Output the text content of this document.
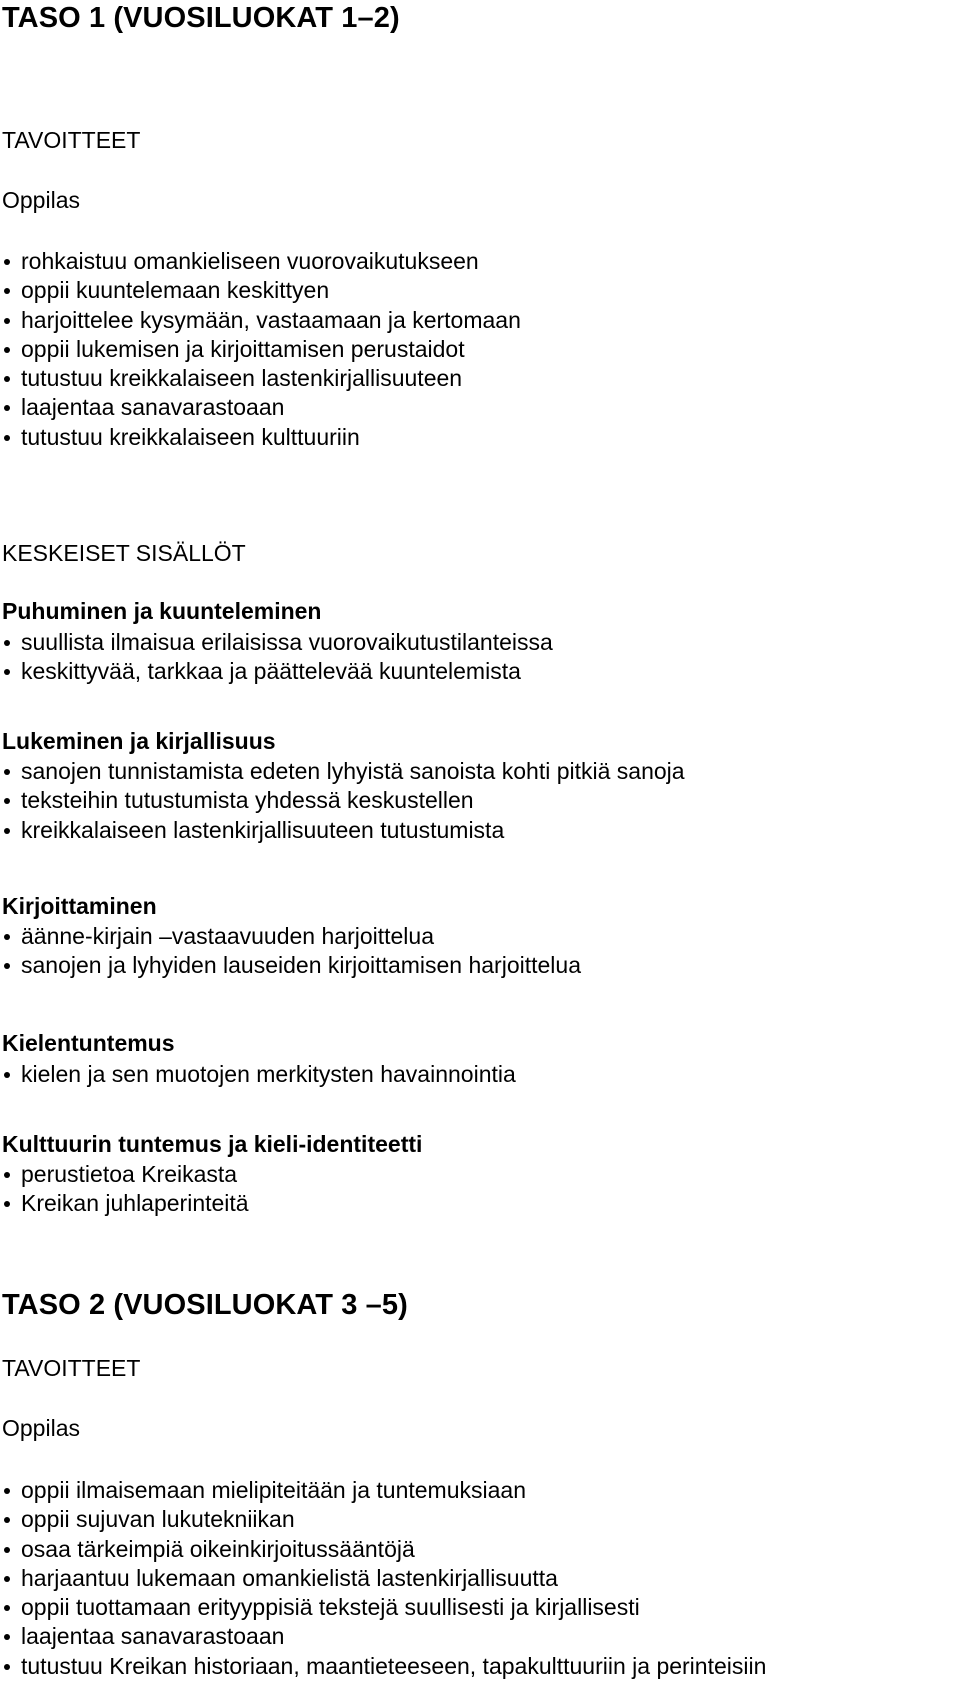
TASO 1 (VUOSILUOKAT 1–2)
TAVOITTEET
Oppilas
rohkaistuu omankieliseen vuorovaikutukseen
oppii kuuntelemaan keskittyen
harjoittelee kysymään, vastaamaan ja kertomaan
oppii lukemisen ja kirjoittamisen perustaidot
tutustuu kreikkalaiseen lastenkirjallisuuteen
laajentaa sanavarastoaan
tutustuu kreikkalaiseen kulttuuriin
KESKEISET SISÄLLÖT
Puhuminen ja kuunteleminen
suullista ilmaisua erilaisissa vuorovaikutustilanteissa
keskittyvää, tarkkaa ja päättelevää kuuntelemista
Lukeminen ja kirjallisuus
sanojen tunnistamista edeten lyhyistä sanoista kohti pitkiä sanoja
teksteihin tutustumista yhdessä keskustellen
kreikkalaiseen lastenkirjallisuuteen tutustumista
Kirjoittaminen
äänne-kirjain –vastaavuuden harjoittelua
sanojen ja lyhyiden lauseiden kirjoittamisen harjoittelua
Kielentuntemus
kielen ja sen muotojen merkitysten havainnointia
Kulttuurin tuntemus ja kieli-identiteetti
perustietoa Kreikasta
Kreikan juhlaperinteitä
TASO 2 (VUOSILUOKAT 3 –5)
TAVOITTEET
Oppilas
oppii ilmaisemaan mielipiteitään ja tuntemuksiaan
oppii sujuvan lukutekniikan
osaa tärkeimpiä oikeinkirjoitussääntöjä
harjaantuu lukemaan omankielistä lastenkirjallisuutta
oppii tuottamaan erityyppisiä tekstejä suullisesti ja kirjallisesti
laajentaa sanavarastoaan
tutustuu Kreikan historiaan, maantieteeseen, tapakulttuuriin ja perinteisiin
